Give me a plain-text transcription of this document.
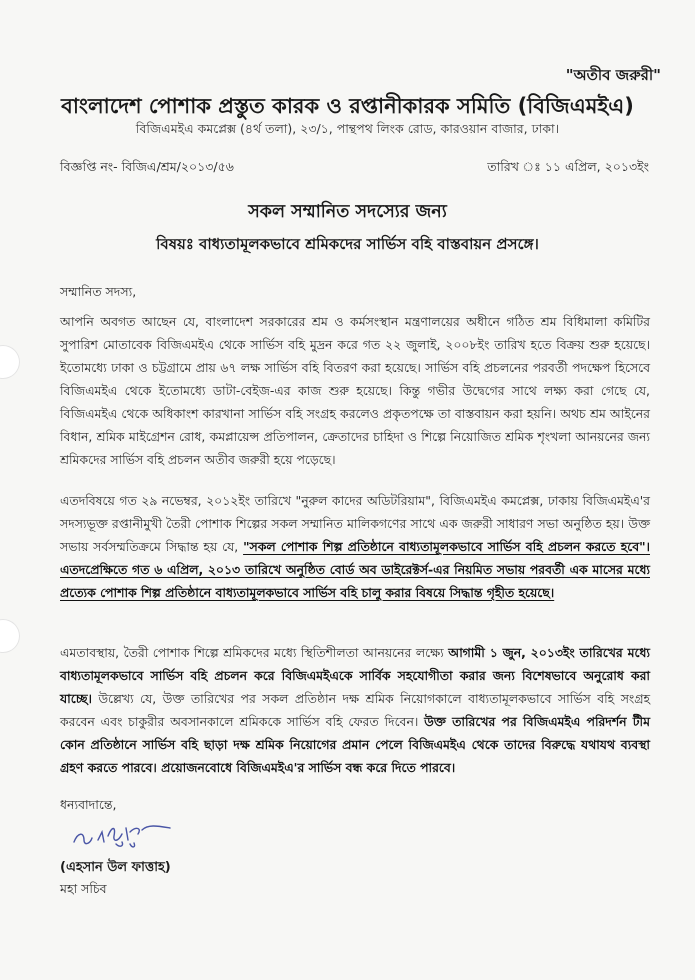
"অতীব জরুরী"
বাংলাদেশ পোশাক প্রস্তুত কারক ও রপ্তানীকারক সমিতি (বিজিএমইএ)
বিজিএমইএ কমপ্লেক্স (৪র্থ তলা), ২৩/১, পান্থপথ লিংক রোড, কারওয়ান বাজার, ঢাকা।
বিজ্ঞপ্তি নং- বিজিএ/শ্রম/২০১৩/৫৬	তারিখ ঃ ১১ এপ্রিল, ২০১৩ইং
সকল সম্মানিত সদস্যের জন্য
বিষয়ঃ বাধ্যতামূলকভাবে শ্রমিকদের সার্ভিস বহি বাস্তবায়ন প্রসঙ্গে।
সম্মানিত সদস্য,

আপনি অবগত আছেন যে, বাংলাদেশ সরকারের শ্রম ও কর্মসংস্থান মন্ত্রণালয়ের অধীনে গঠিত শ্রম বিধিমালা কমিটির সুপারিশ মোতাবেক বিজিএমইএ থেকে সার্ভিস বহি মুদ্রন করে গত ২২ জুলাই, ২০০৮ইং তারিখ হতে বিক্রয় শুরু হয়েছে। ইতোমধ্যে ঢাকা ও চট্টগ্রামে প্রায় ৬৭ লক্ষ সার্ভিস বহি বিতরণ করা হয়েছে। সার্ভিস বহি প্রচলনের পরবর্তী পদক্ষেপ হিসেবে বিজিএমইএ থেকে ইতোমধ্যে ডাটা-বেইজ-এর কাজ শুরু হয়েছে। কিন্তু গভীর উদ্বেগের সাথে লক্ষ্য করা গেছে যে, বিজিএমইএ থেকে অধিকাংশ কারখানা সার্ভিস বহি সংগ্রহ করলেও প্রকৃতপক্ষে তা বাস্তবায়ন করা হয়নি। অথচ শ্রম আইনের বিধান, শ্রমিক মাইগ্রেশন রোধ, কমপ্লায়েন্স প্রতিপালন, ক্রেতাদের চাহিদা ও শিল্পে নিয়োজিত শ্রমিক শৃংখলা আনয়নের জন্য শ্রমিকদের সার্ভিস বহি প্রচলন অতীব জরুরী হয়ে পড়েছে।

এতদবিষয়ে গত ২৯ নভেম্বর, ২০১২ইং তারিখে "নুরুল কাদের অডিটরিয়াম", বিজিএমইএ কমপ্লেক্স, ঢাকায় বিজিএমইএ'র সদস্যভূক্ত রপ্তানীমুখী তৈরী পোশাক শিল্পের সকল সম্মানিত মালিকগণের সাথে এক জরুরী সাধারণ সভা অনুষ্ঠিত হয়। উক্ত সভায় সর্বসম্মতিক্রমে সিদ্ধান্ত হয় যে, "সকল পোশাক শিল্প প্রতিষ্ঠানে বাধ্যতামূলকভাবে সার্ভিস বহি প্রচলন করতে হবে"। এতদপ্রেক্ষিতে গত ৬ এপ্রিল, ২০১৩ তারিখে অনুষ্ঠিত বোর্ড অব ডাইরেক্টর্স-এর নিয়মিত সভায় পরবর্তী এক মাসের মধ্যে প্রত্যেক পোশাক শিল্প প্রতিষ্ঠানে বাধ্যতামূলকভাবে সার্ভিস বহি চালু করার বিষয়ে সিদ্ধান্ত গৃহীত হয়েছে।

এমতাবস্থায়, তৈরী পোশাক শিল্পে শ্রমিকদের মধ্যে স্থিতিশীলতা আনয়নের লক্ষ্যে আগামী ১ জুন, ২০১৩ইং তারিখের মধ্যে বাধ্যতামূলকভাবে সার্ভিস বহি প্রচলন করে বিজিএমইএকে সার্বিক সহযোগীতা করার জন্য বিশেষভাবে অনুরোধ করা যাচ্ছে। উল্লেখ্য যে, উক্ত তারিখের পর সকল প্রতিষ্ঠান দক্ষ শ্রমিক নিয়োগকালে বাধ্যতামূলকভাবে সার্ভিস বহি সংগ্রহ করবেন এবং চাকুরীর অবসানকালে শ্রমিককে সার্ভিস বহি ফেরত দিবেন। উক্ত তারিখের পর বিজিএমইএ পরিদর্শন টীম কোন প্রতিষ্ঠানে সার্ভিস বহি ছাড়া দক্ষ শ্রমিক নিয়োগের প্রমান পেলে বিজিএমইএ থেকে তাদের বিরুদ্ধে যথাযথ ব্যবস্থা গ্রহণ করতে পারবে। প্রয়োজনবোধে বিজিএমইএ'র সার্ভিস বন্ধ করে দিতে পারবে।

ধন্যবাদান্তে,
(এহসান উল ফাত্তাহ)
মহা সচিব
